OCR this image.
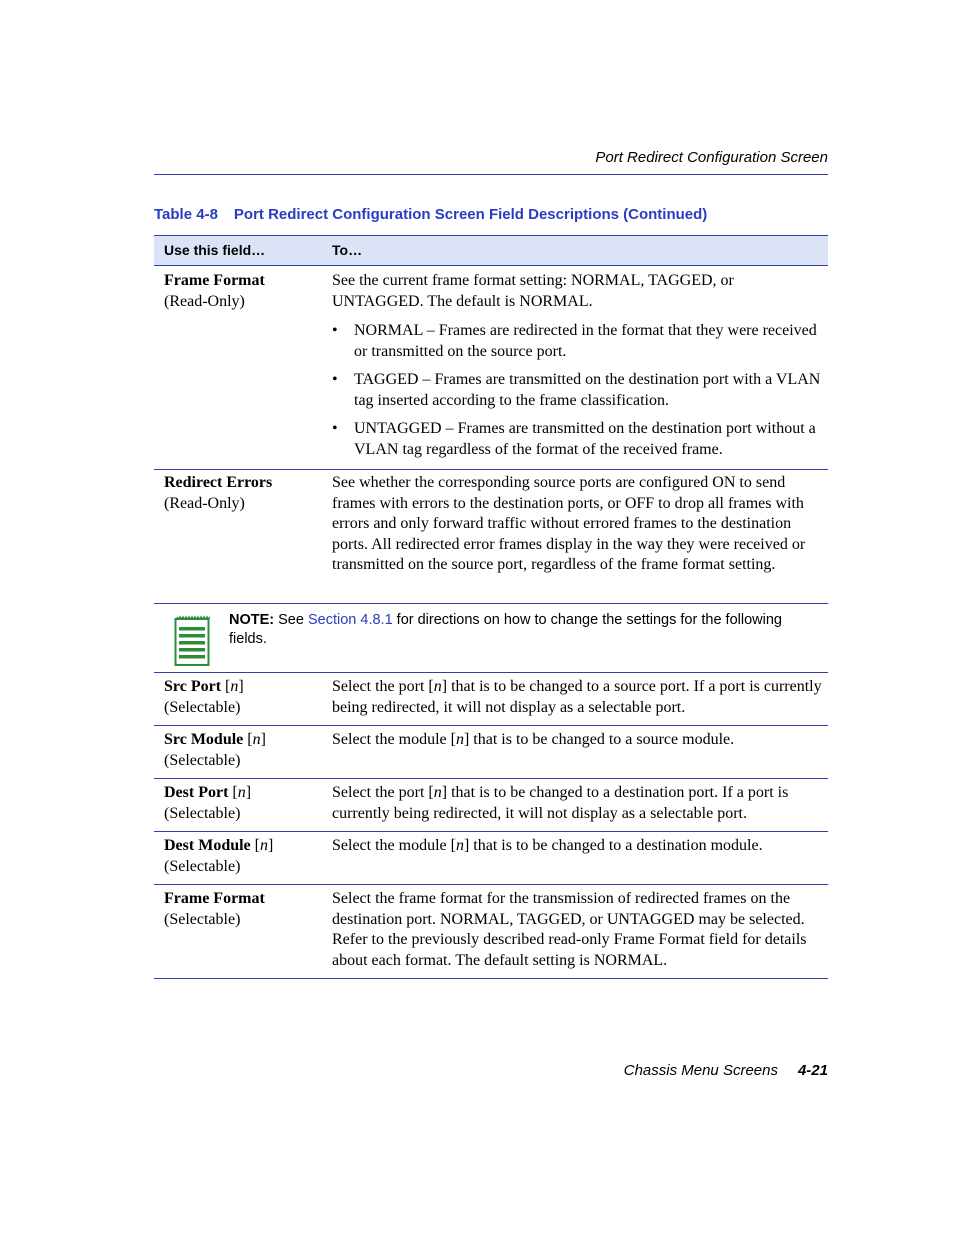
Port Redirect Configuration Screen
Table 4-8 Port Redirect Configuration Screen Field Descriptions (Continued)
Use this field…	To…
Frame Format
(Read-Only)

See the current frame format setting: NORMAL, TAGGED, or UNTAGGED. The default is NORMAL.

• NORMAL – Frames are redirected in the format that they were received or transmitted on the source port.
• TAGGED – Frames are transmitted on the destination port with a VLAN tag inserted according to the frame classification.
• UNTAGGED – Frames are transmitted on the destination port without a VLAN tag regardless of the format of the received frame.
Redirect Errors
(Read-Only)

See whether the corresponding source ports are configured ON to send frames with errors to the destination ports, or OFF to drop all frames with errors and only forward traffic without errored frames to the destination ports. All redirected error frames display in the way they were received or transmitted on the source port, regardless of the frame format setting.

NOTE: See Section 4.8.1 for directions on how to change the settings for the following fields.
Src Port [n]
(Selectable)

Select the port [n] that is to be changed to a source port. If a port is currently being redirected, it will not display as a selectable port.

Src Module [n]
(Selectable)

Select the module [n] that is to be changed to a source module.

Dest Port [n]
(Selectable)

Select the port [n] that is to be changed to a destination port. If a port is currently being redirected, it will not display as a selectable port.

Dest Module [n]
(Selectable)

Select the module [n] that is to be changed to a destination module.

Frame Format
(Selectable)

Select the frame format for the transmission of redirected frames on the destination port. NORMAL, TAGGED, or UNTAGGED may be selected. Refer to the previously described read-only Frame Format field for details about each format. The default setting is NORMAL.

Chassis Menu Screens 4-21
